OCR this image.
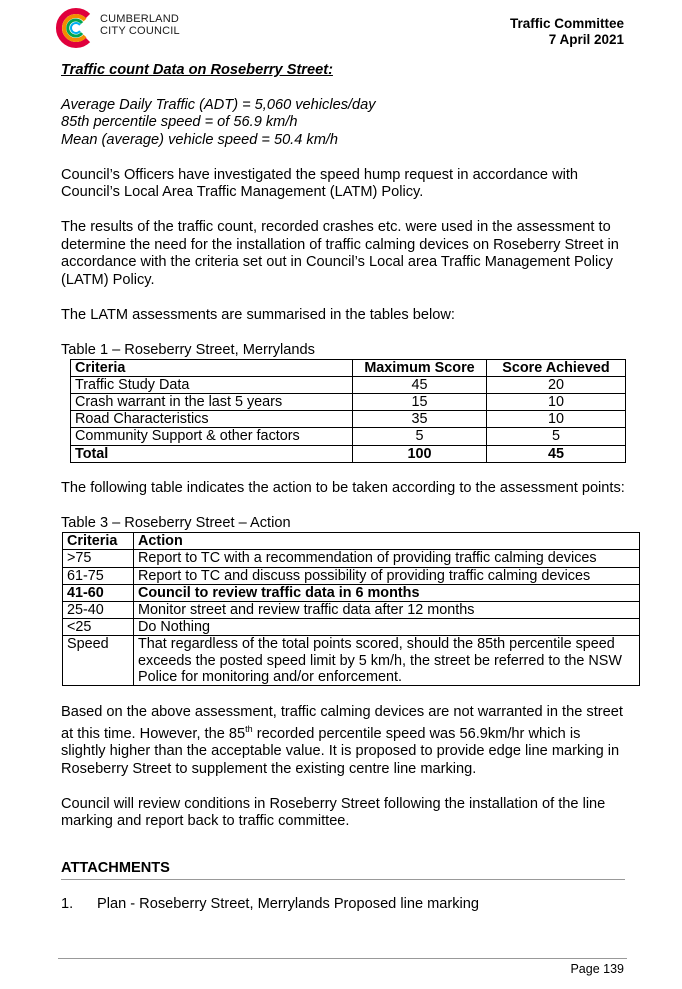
CUMBERLAND
CITY COUNCIL	Traffic Committee
7 April 2021

Traffic count Data on Roseberry Street:

Average Daily Traffic (ADT) = 5,060 vehicles/day

85th percentile speed = of 56.9 km/h

Mean (average) vehicle speed = 50.4 km/h

Council’s Officers have investigated the speed hump request in accordance with Council’s Local Area Traffic Management (LATM) Policy.

The results of the traffic count, recorded crashes etc. were used in the assessment to determine the need for the installation of traffic calming devices on Roseberry Street in accordance with the criteria set out in Council’s Local area Traffic Management Policy (LATM) Policy.

The LATM assessments are summarised in the tables below:

Table 1 – Roseberry Street, Merrylands
Criteria	Maximum Score	Score Achieved
Traffic Study Data	45	20
Crash warrant in the last 5 years	15	10
Road Characteristics	35	10
Community Support & other factors	5	5
Total	100	45

The following table indicates the action to be taken according to the assessment points:

Table 3 – Roseberry Street – Action
Criteria	Action
>75	Report to TC with a recommendation of providing traffic calming devices
61-75	Report to TC and discuss possibility of providing traffic calming devices
41-60	Council to review traffic data in 6 months
25-40	Monitor street and review traffic data after 12 months
<25	Do Nothing
Speed	That regardless of the total points scored, should the 85th percentile speed exceeds the posted speed limit by 5 km/h, the street be referred to the NSW Police for monitoring and/or enforcement.

Based on the above assessment, traffic calming devices are not warranted in the street at this time. However, the 85th recorded percentile speed was 56.9km/hr which is slightly higher than the acceptable value. It is proposed to provide edge line marking in Roseberry Street to supplement the existing centre line marking.

Council will review conditions in Roseberry Street following the installation of the line marking and report back to traffic committee.

ATTACHMENTS

1. Plan - Roseberry Street, Merrylands Proposed line marking
Page 139
